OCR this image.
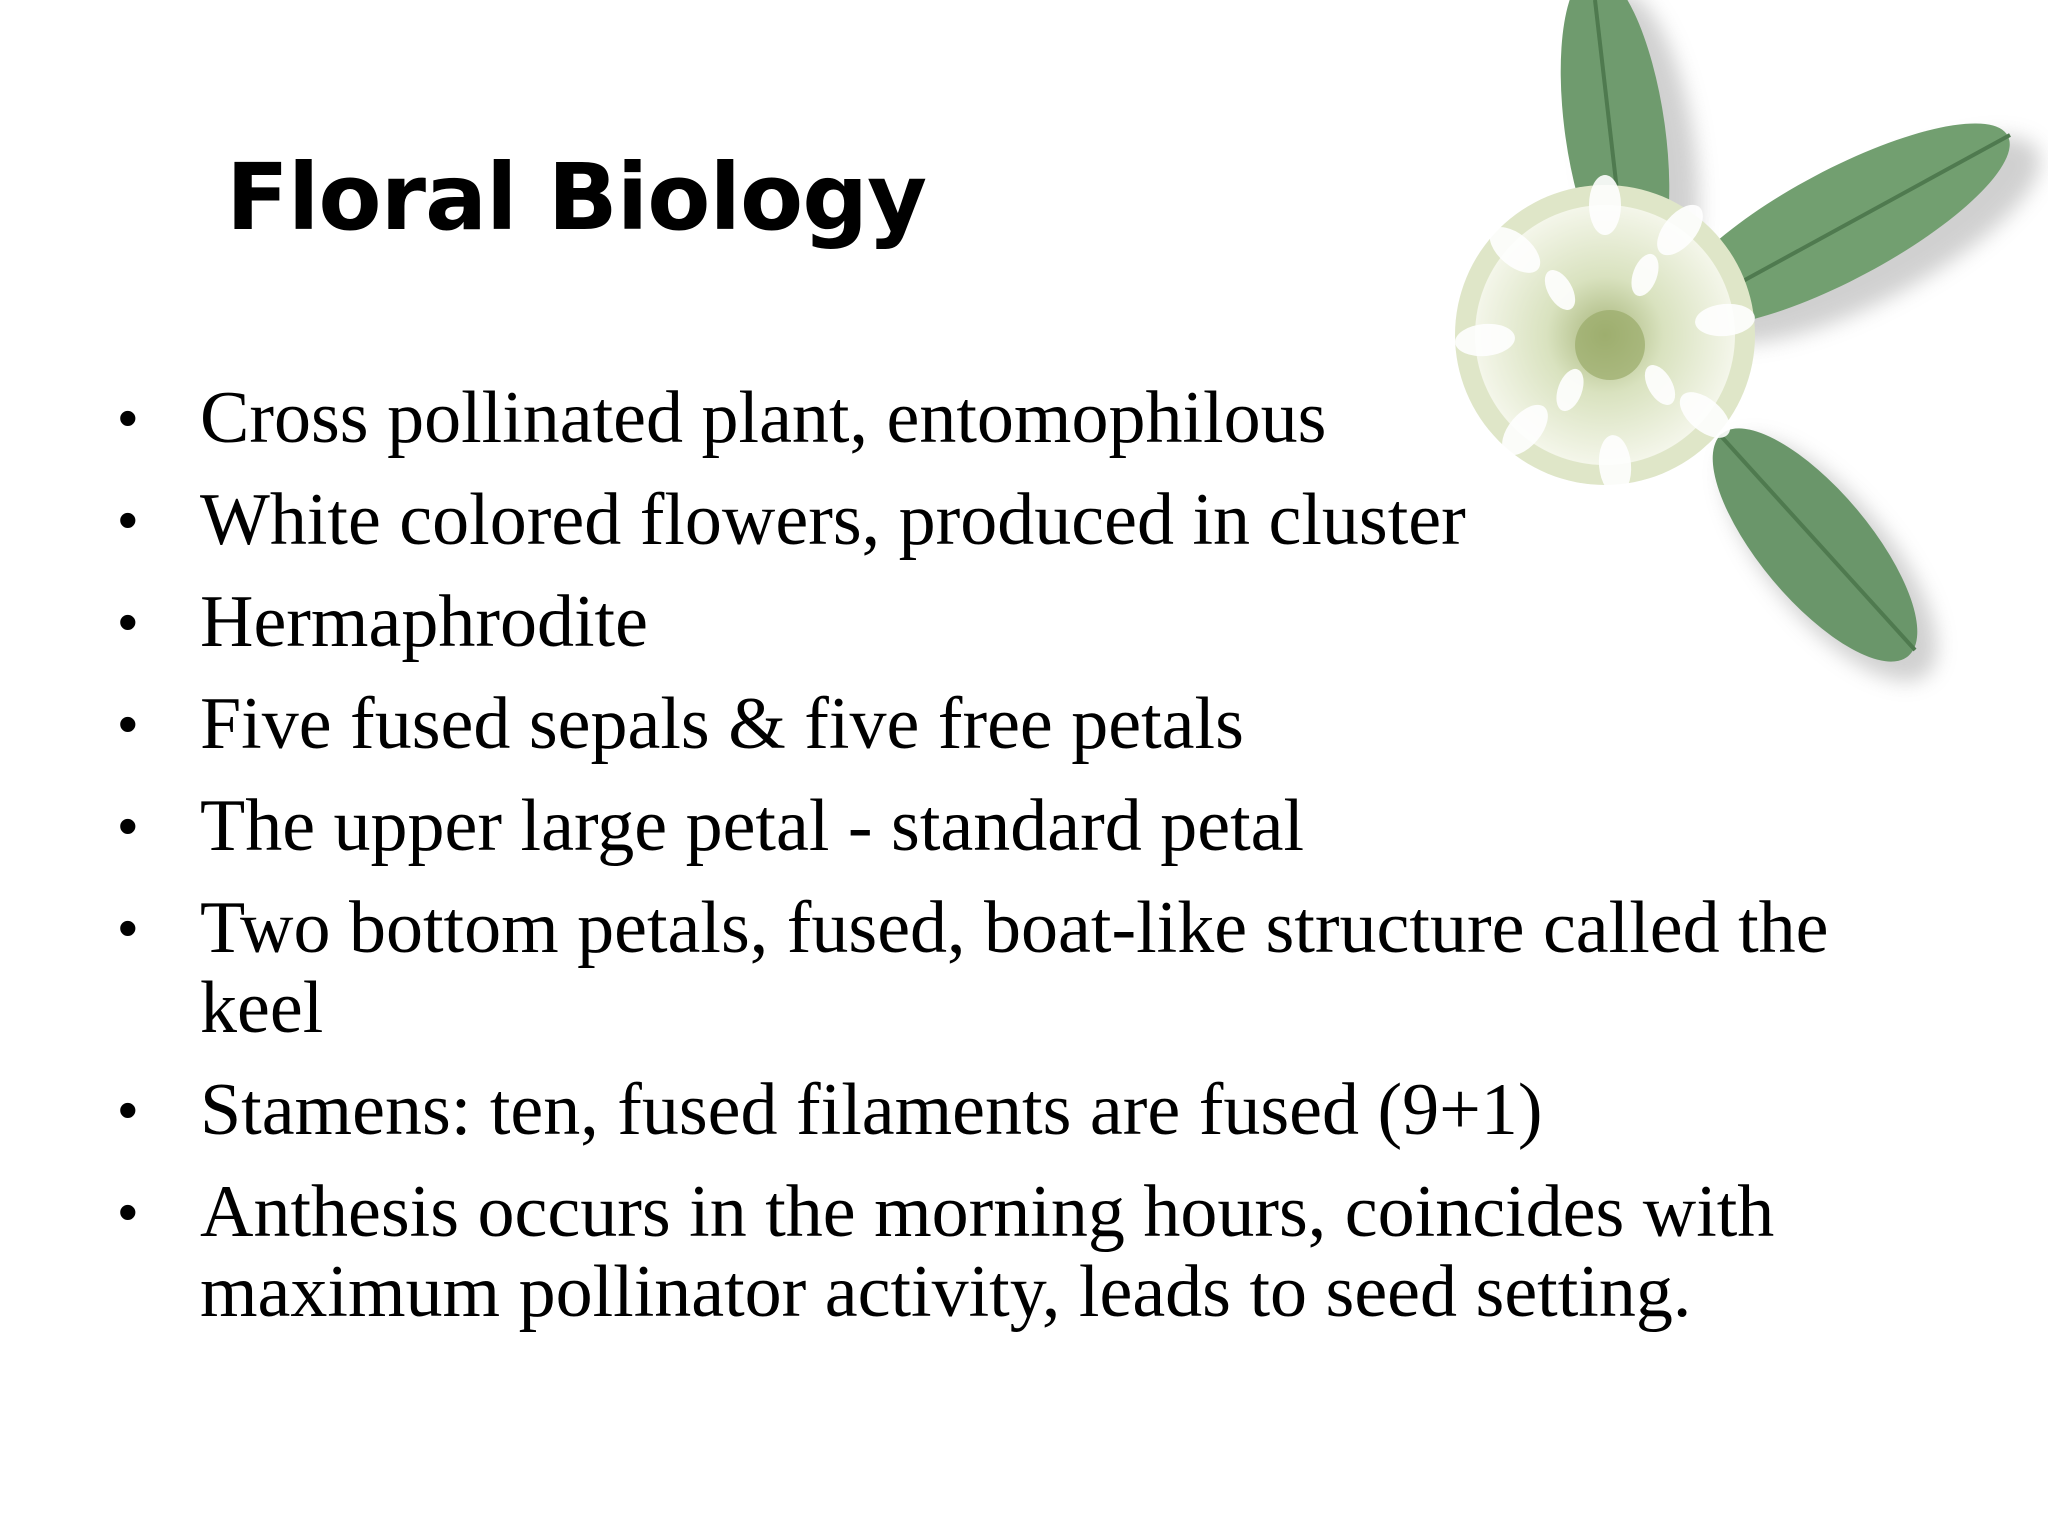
Floral Biology
• Cross pollinated plant, entomophilous
• White colored flowers, produced in cluster
• Hermaphrodite
• Five fused sepals & five free petals
• The upper large petal - standard petal
• Two bottom petals, fused, boat-like structure called the keel
• Stamens: ten, fused filaments are fused (9+1)
• Anthesis occurs in the morning hours, coincides with maximum pollinator activity, leads to seed setting.
